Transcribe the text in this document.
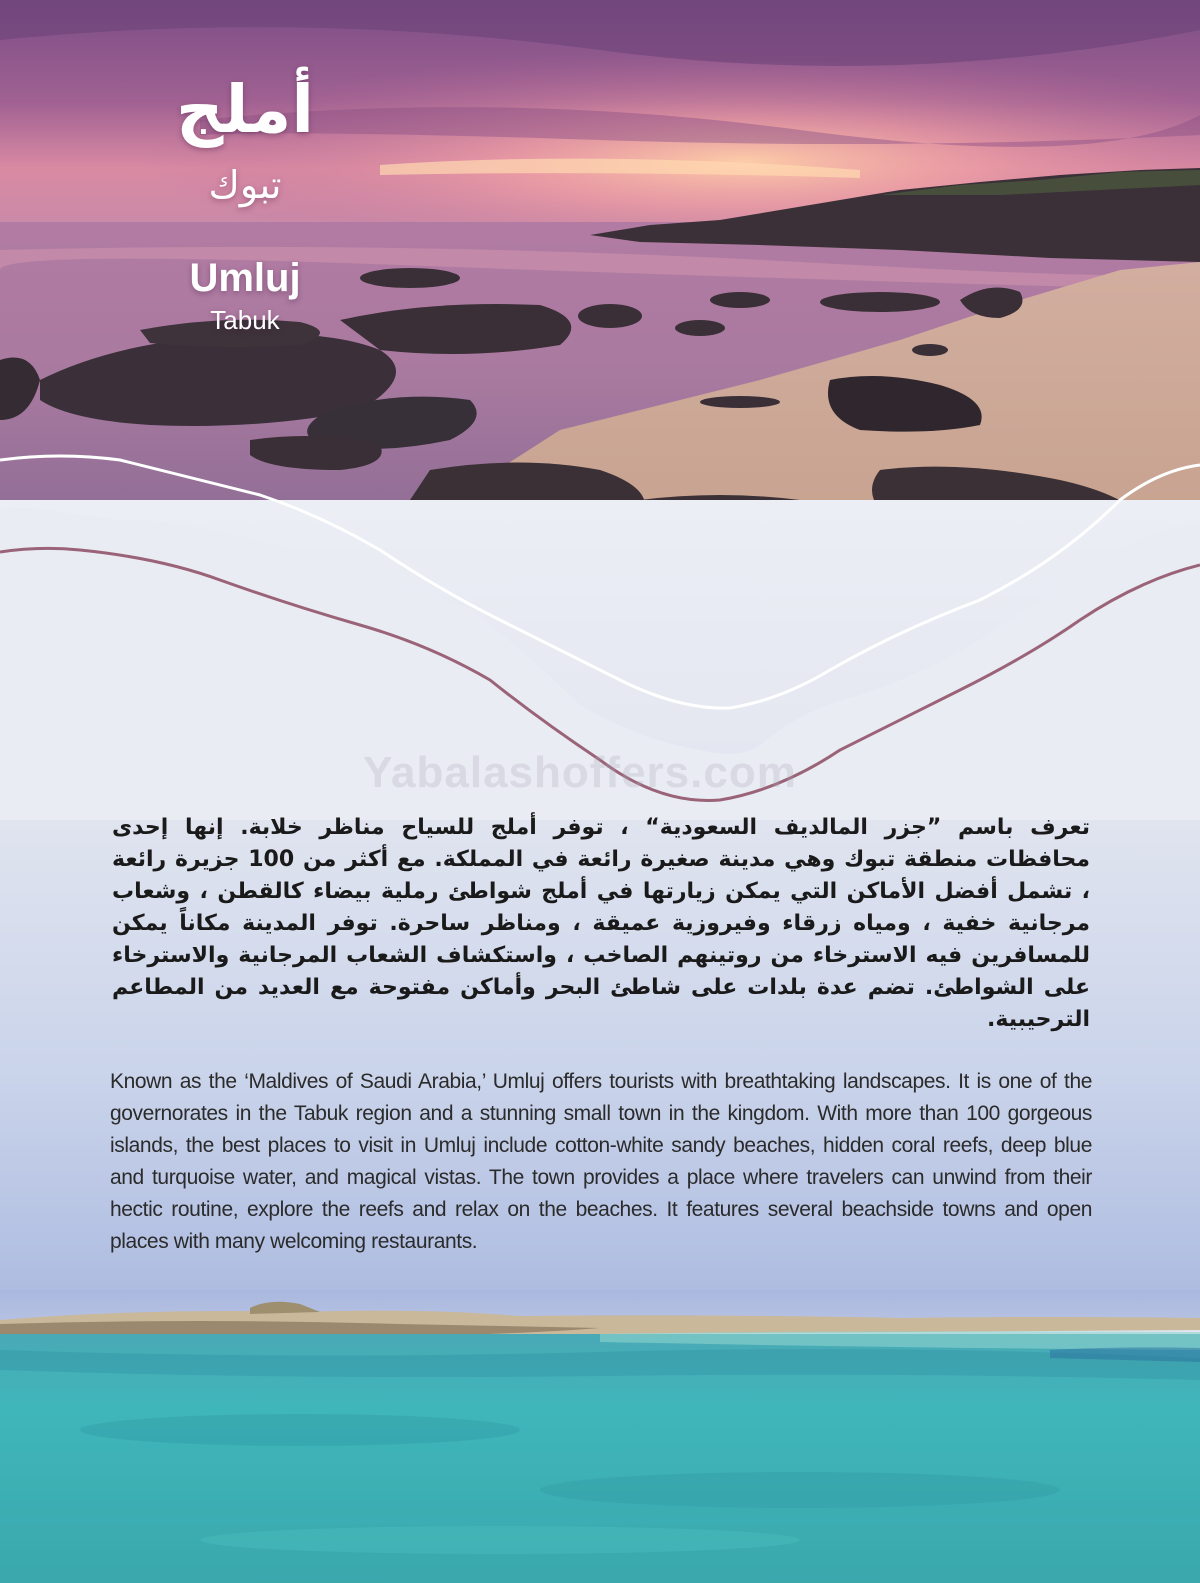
أملج
تبوك
Umluj
Tabuk
Yabalashoffers.com
تعرف باسم ”جزر المالديف السعودية“ ، توفر أملج للسياح مناظر خلابة. إنها إحدى محافظات منطقة تبوك وهي مدينة صغيرة رائعة في المملكة. مع أكثر من 100 جزيرة رائعة ، تشمل أفضل الأماكن التي يمكن زيارتها في أملج شواطئ رملية بيضاء كالقطن ، وشعاب مرجانية خفية ، ومياه زرقاء وفيروزية عميقة ، ومناظر ساحرة. توفر المدينة مكاناً يمكن للمسافرين فيه الاسترخاء من روتينهم الصاخب ، واستكشاف الشعاب المرجانية والاسترخاء على الشواطئ. تضم عدة بلدات على شاطئ البحر وأماكن مفتوحة مع العديد من المطاعم الترحيبية.
Known as the ‘Maldives of Saudi Arabia,’ Umluj offers tourists with breathtaking landscapes. It is one of the governorates in the Tabuk region and a stunning small town in the kingdom. With more than 100 gorgeous islands, the best places to visit in Umluj include cotton-white sandy beaches, hidden coral reefs, deep blue and turquoise water, and magical vistas. The town provides a place where travelers can unwind from their hectic routine, explore the reefs and relax on the beaches. It features several beachside towns and open places with many welcoming restaurants.
